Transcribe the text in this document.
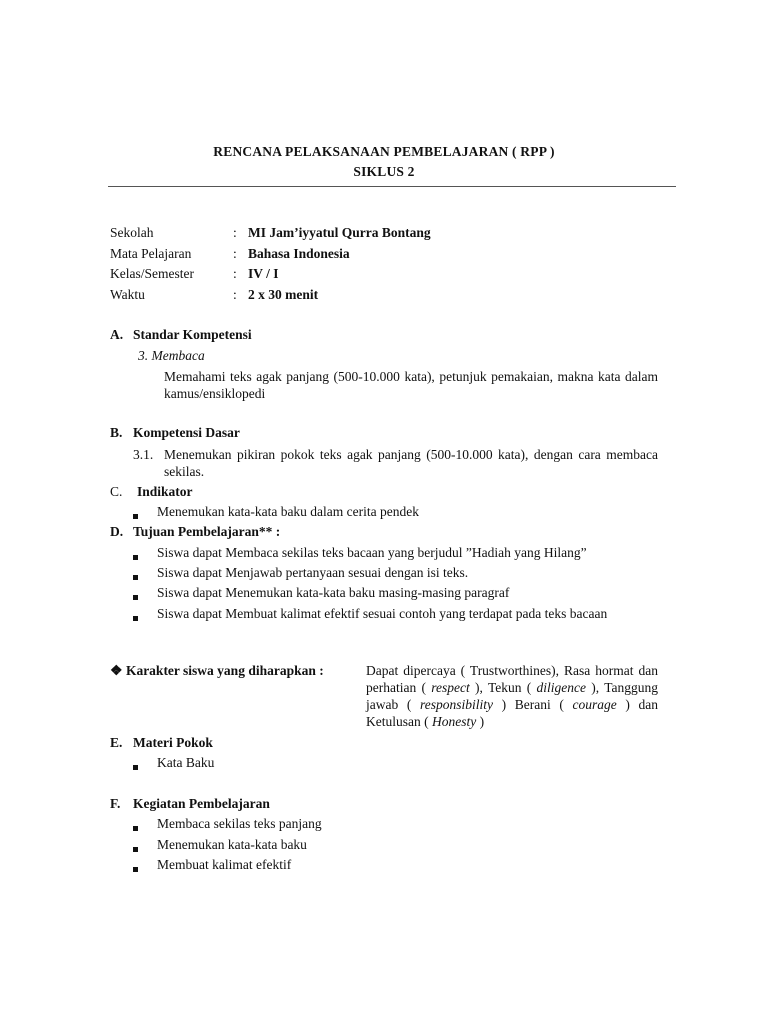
RENCANA PELAKSANAAN PEMBELAJARAN ( RPP )
SIKLUS 2
Sekolah	: MI Jam’iyyatul Qurra Bontang
Mata Pelajaran	: Bahasa Indonesia
Kelas/Semester	: IV / I
Waktu	: 2 x 30 menit
A. Standar Kompetensi
3. Membaca
Memahami teks agak panjang (500-10.000 kata), petunjuk pemakaian, makna kata dalam kamus/ensiklopedi
B. Kompetensi Dasar
3.1. Menemukan pikiran pokok teks agak panjang (500-10.000 kata), dengan cara membaca sekilas.
C. Indikator
Menemukan kata-kata baku dalam cerita pendek
D. Tujuan Pembelajaran** :
Siswa dapat Membaca sekilas teks bacaan yang berjudul ”Hadiah yang Hilang”
Siswa dapat Menjawab pertanyaan sesuai dengan isi teks.
Siswa dapat Menemukan kata-kata baku masing-masing paragraf
Siswa dapat Membuat kalimat efektif sesuai contoh yang terdapat pada teks bacaan
❖ Karakter siswa yang diharapkan :	Dapat dipercaya ( Trustworthines), Rasa hormat dan perhatian ( respect ), Tekun ( diligence ), Tanggung jawab ( responsibility ) Berani ( courage ) dan Ketulusan ( Honesty )
E. Materi Pokok
Kata Baku
F. Kegiatan Pembelajaran
Membaca sekilas teks panjang
Menemukan kata-kata baku
Membuat kalimat efektif
